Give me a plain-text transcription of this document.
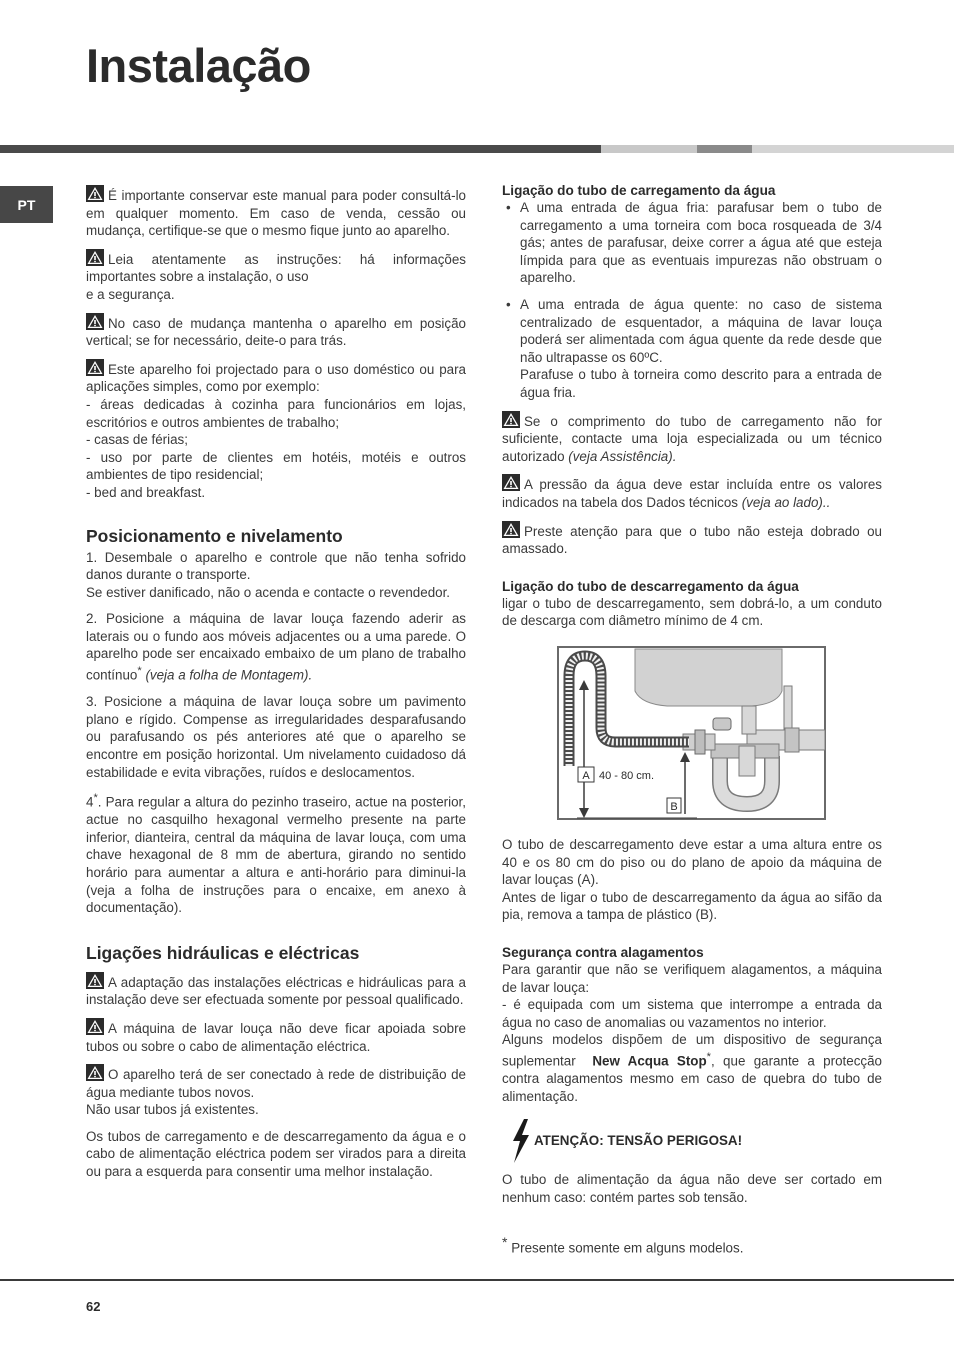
Instalação
PT

É importante conservar este manual para poder consultá-lo em qualquer momento. Em caso de venda, cessão ou mudança, certifique-se que o mesmo fique junto ao aparelho.

Leia atentamente as instruções: há informações importantes sobre a instalação, o uso

e a segurança.

No caso de mudança mantenha o aparelho em posição vertical; se for necessário, deite-o para trás.

Este aparelho foi projectado para o uso doméstico ou para aplicações simples, como por exemplo:

- áreas dedicadas à cozinha para funcionários em lojas, escritórios e outros ambientes de trabalho;

- casas de férias;

- uso por parte de clientes em hotéis, motéis e outros ambientes de tipo residencial;

- bed and breakfast.

Posicionamento e nivelamento

1. Desembale o aparelho e controle que não tenha sofrido danos durante o transporte.

Se estiver danificado, não o acenda e contacte o revendedor.

2. Posicione a máquina de lavar louça fazendo aderir as laterais ou o fundo aos móveis adjacentes ou a uma parede. O aparelho pode ser encaixado embaixo de um plano de trabalho contínuo* (veja a folha de Montagem).

3. Posicione a máquina de lavar louça sobre um pavimento plano e rígido. Compense as irregularidades desparafusando ou parafusando os pés anteriores até que o aparelho se encontre em posição horizontal. Um nivelamento cuidadoso dá estabilidade e evita vibrações, ruídos e deslocamentos.

4*. Para regular a altura do pezinho traseiro, actue na posterior, actue no casquilho hexagonal vermelho presente na parte inferior, dianteira, central da máquina de lavar louça, com uma chave hexagonal de 8 mm de abertura, girando no sentido horário para aumentar a altura e anti-horário para diminui-la (veja a folha de instruções para o encaixe, em anexo à documentação).

Ligações hidráulicas e eléctricas

A adaptação das instalações eléctricas e hidráulicas para a instalação deve ser efectuada somente por pessoal qualificado.

A máquina de lavar louça não deve ficar apoiada sobre tubos ou sobre o cabo de alimentação eléctrica.

O aparelho terá de ser conectado à rede de distribuição de água mediante tubos novos.

Não usar tubos já existentes.

Os tubos de carregamento e de descarregamento da água e o cabo de alimentação eléctrica podem ser virados para a direita ou para a esquerda para consentir uma melhor instalação.

Ligação do tubo de carregamento da água
• A uma entrada de água fria: parafusar bem o tubo de carregamento a uma torneira com boca rosqueada de 3/4 gás; antes de parafusar, deixe correr a água até que esteja límpida para que as eventuais impurezas não obstruam o aparelho.
• A uma entrada de água quente: no caso de sistema centralizado de esquentador, a máquina de lavar louça poderá ser alimentada com água quente da rede desde que não ultrapasse os 60ºC.
Parafuse o tubo à torneira como descrito para a entrada de água fria.

Se o comprimento do tubo de carregamento não for suficiente, contacte uma loja especializada ou um técnico autorizado (veja Assistência).

A pressão da água deve estar incluída entre os valores indicados na tabela dos Dados técnicos (veja ao lado)..

Preste atenção para que o tubo não esteja dobrado ou amassado.

Ligação do tubo de descarregamento da água

ligar o tubo de descarregamento, sem dobrá-lo, a um conduto de descarga com diâmetro mínimo de 4 cm.

A 40 - 80 cm.
B

O tubo de descarregamento deve estar a uma altura entre os 40 e os 80 cm do piso ou do plano de apoio da máquina de lavar louças (A).

Antes de ligar o tubo de descarregamento da água ao sifão da pia, remova a tampa de plástico (B).

Segurança contra alagamentos

Para garantir que não se verifiquem alagamentos, a máquina de lavar louça:

- é equipada com um sistema que interrompe a entrada da água no caso de anomalias ou vazamentos no interior.

Alguns modelos dispõem de um dispositivo de segurança suplementar New Acqua Stop*, que garante a protecção contra alagamentos mesmo em caso de quebra do tubo de alimentação.

ATENÇÃO: TENSÃO PERIGOSA!

O tubo de alimentação da água não deve ser cortado em nenhum caso: contém partes sob tensão.

* Presente somente em alguns modelos.

62
